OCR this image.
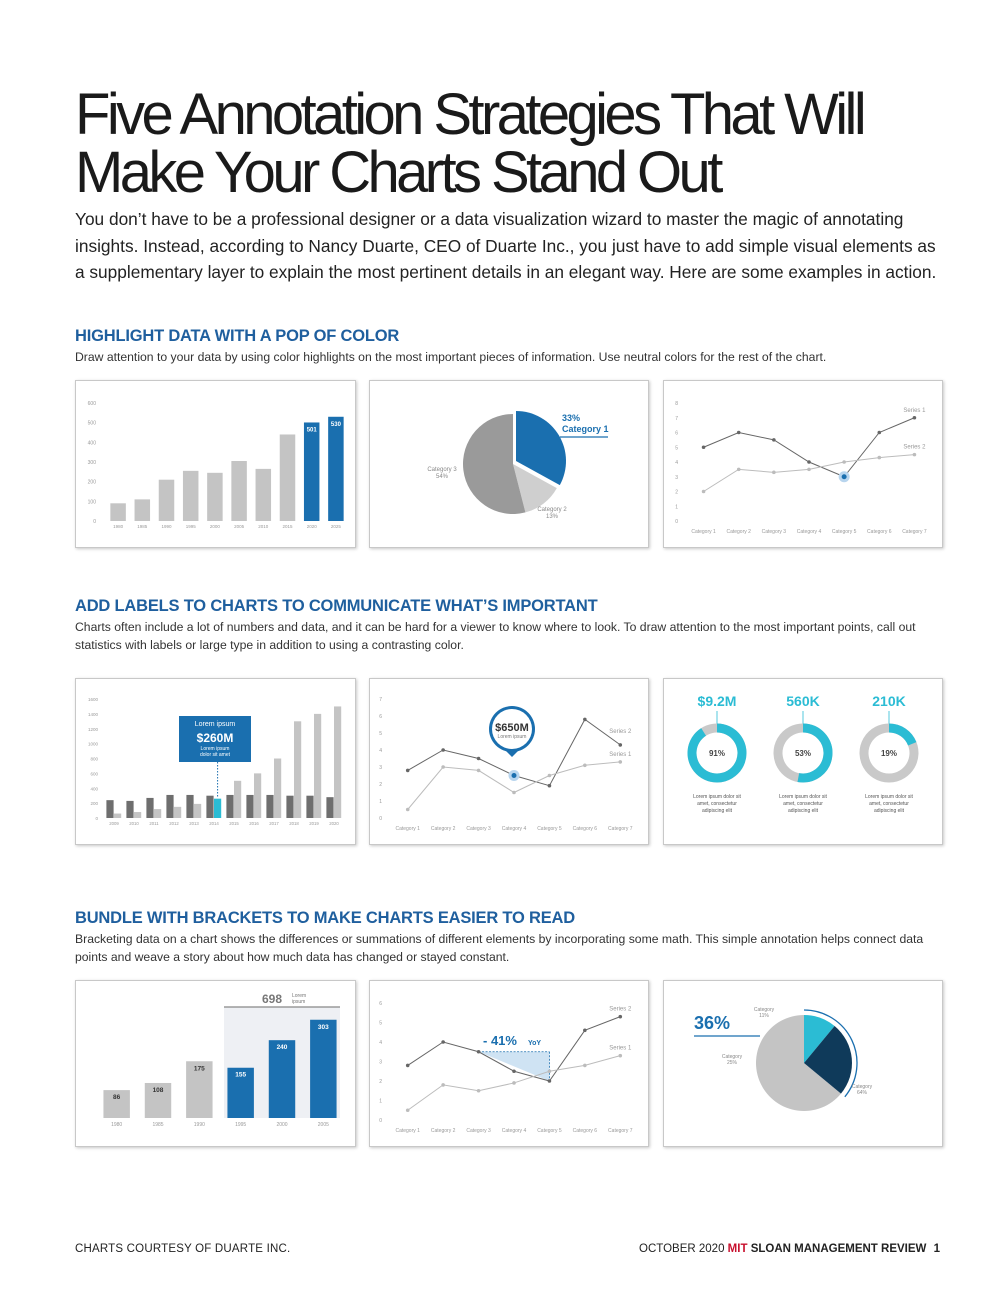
Five Annotation Strategies That Will
Make Your Charts Stand Out

You don’t have to be a professional designer or a data visualization wizard to master the magic of annotating insights. Instead, according to Nancy Duarte, CEO of Duarte Inc., you just have to add simple visual elements as a supplementary layer to explain the most pertinent details in an elegant way. Here are some examples in action.

HIGHLIGHT DATA WITH A POP OF COLOR

Draw attention to your data by using color highlights on the most important pieces of information. Use neutral colors for the rest of the chart.

0
100
200
300
400
500
600
1980	1985	1990	1995	2000	2005	2010	2015	2020
501
2025
530
33%
Category 1
Category 2
13%
Category 3
54%
0
1
2
3
4
5
6
7
8
Category 1 Category 2 Category 3 Category 4 Category 5 Category 6 Category 7
Series 1
Series 2
ADD LABELS TO CHARTS TO COMMUNICATE WHAT’S IMPORTANT

Charts often include a lot of numbers and data, and it can be hard for a viewer to know where to look. To draw attention to the most important points, call out statistics with labels or large type in addition to using a contrasting color.

0
200
400
600
800
1000
1200
1400
1600
2009 2010 2011 2012 2013 2014 2015 2016 2017 2018 2019 2020
Lorem ipsum
$260M
Lorem ipsum
dolor sit amet
0
1
2
3
4
5
6
7
Category 1 Category 2 Category 3 Category 4 Category 5 Category 6 Category 7
Series 2
Series 1
$650M
Lorem ipsum
$9.2M
91%
Lorem ipsum dolor sit
amet, consectetur
adipiscing elit
560K
53%
Lorem ipsum dolor sit
amet, consectetur
adipiscing elit
210K
19%
Lorem ipsum dolor sit
amet, consectetur
adipiscing elit
BUNDLE WITH BRACKETS TO MAKE CHARTS EASIER TO READ

Bracketing data on a chart shows the differences or summations of different elements by incorporating some math. This simple annotation helps connect data points and weave a story about how much data has changed or stayed constant.

698 Lorem
ipsum
86
1980
108
1985
175
1990
155
1995
240
2000
303
2005
0
1
2
3
4
5
6
Category 1 Category 2 Category 3 Category 4 Category 5 Category 6 Category 7
- 41% YoY
Series 2
Series 1
36%
Category
11%
Category
25%
Category
64%
CHARTS COURTESY OF DUARTE INC.	OCTOBER 2020 MIT SLOAN MANAGEMENT REVIEW 1
